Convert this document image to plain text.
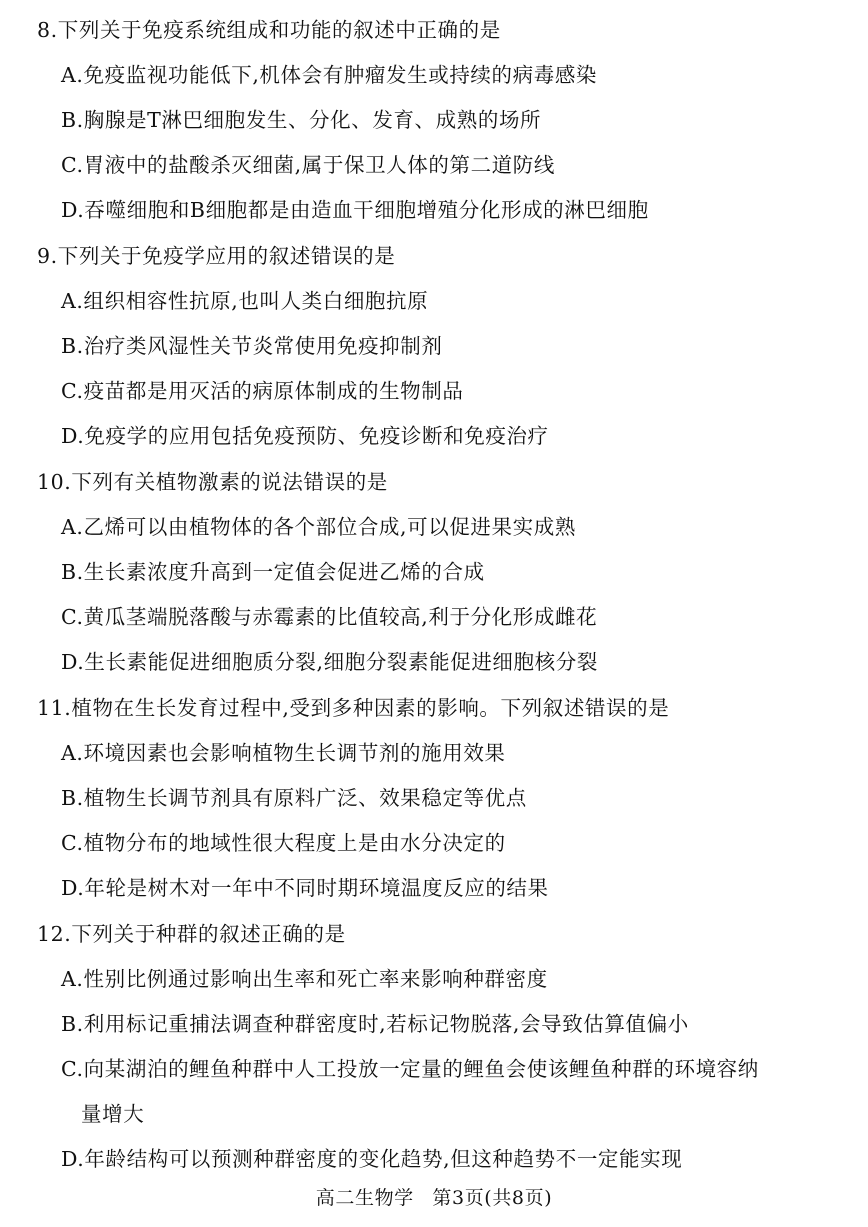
8.下列关于免疫系统组成和功能的叙述中正确的是
A.免疫监视功能低下,机体会有肿瘤发生或持续的病毒感染
B.胸腺是T淋巴细胞发生、分化、发育、成熟的场所
C.胃液中的盐酸杀灭细菌,属于保卫人体的第二道防线
D.吞噬细胞和B细胞都是由造血干细胞增殖分化形成的淋巴细胞
9.下列关于免疫学应用的叙述错误的是
A.组织相容性抗原,也叫人类白细胞抗原
B.治疗类风湿性关节炎常使用免疫抑制剂
C.疫苗都是用灭活的病原体制成的生物制品
D.免疫学的应用包括免疫预防、免疫诊断和免疫治疗
10.下列有关植物激素的说法错误的是
A.乙烯可以由植物体的各个部位合成,可以促进果实成熟
B.生长素浓度升高到一定值会促进乙烯的合成
C.黄瓜茎端脱落酸与赤霉素的比值较高,利于分化形成雌花
D.生长素能促进细胞质分裂,细胞分裂素能促进细胞核分裂
11.植物在生长发育过程中,受到多种因素的影响。下列叙述错误的是
A.环境因素也会影响植物生长调节剂的施用效果
B.植物生长调节剂具有原料广泛、效果稳定等优点
C.植物分布的地域性很大程度上是由水分决定的
D.年轮是树木对一年中不同时期环境温度反应的结果
12.下列关于种群的叙述正确的是
A.性别比例通过影响出生率和死亡率来影响种群密度
B.利用标记重捕法调查种群密度时,若标记物脱落,会导致估算值偏小
C.向某湖泊的鲤鱼种群中人工投放一定量的鲤鱼会使该鲤鱼种群的环境容纳
量增大
D.年龄结构可以预测种群密度的变化趋势,但这种趋势不一定能实现
高二生物学 第3页(共8页)
